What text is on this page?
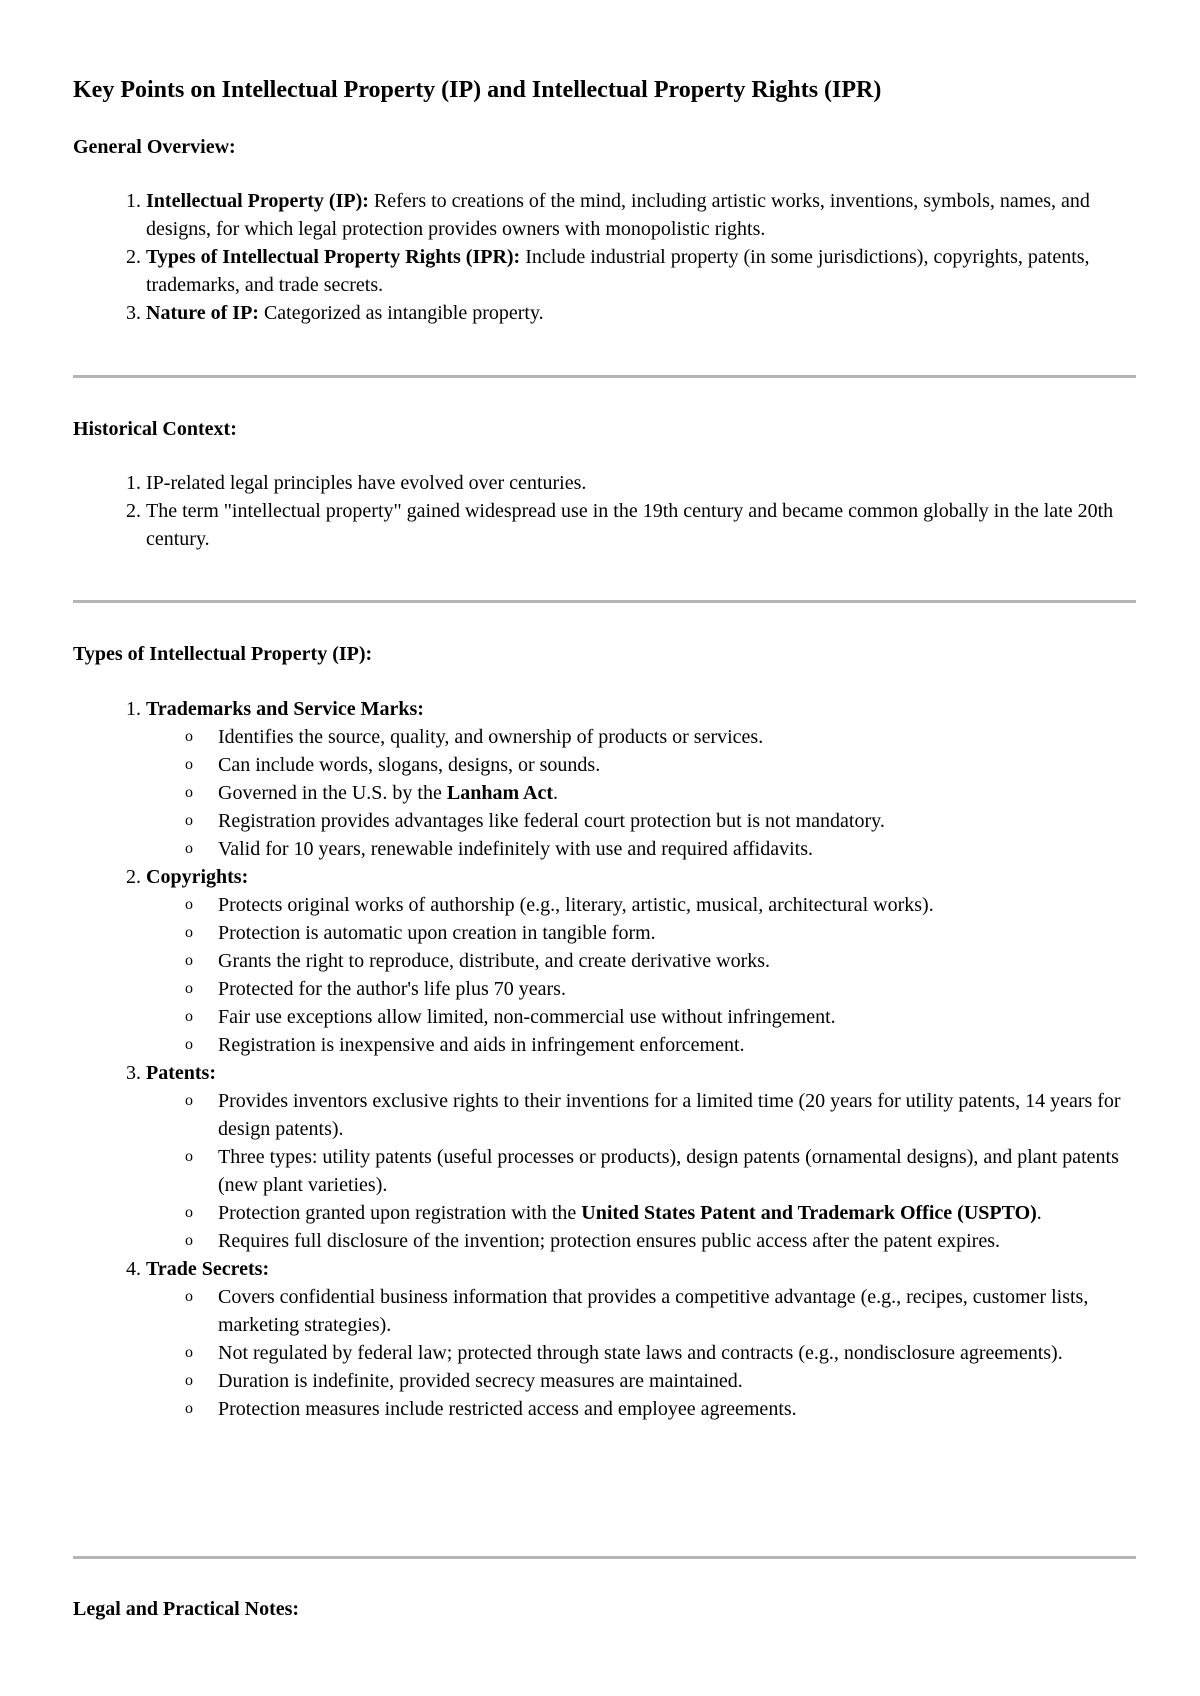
Key Points on Intellectual Property (IP) and Intellectual Property Rights (IPR)
General Overview:
1. Intellectual Property (IP): Refers to creations of the mind, including artistic works, inventions, symbols, names, and designs, for which legal protection provides owners with monopolistic rights.
2. Types of Intellectual Property Rights (IPR): Include industrial property (in some jurisdictions), copyrights, patents, trademarks, and trade secrets.
3. Nature of IP: Categorized as intangible property.
Historical Context:
1. IP-related legal principles have evolved over centuries.
2. The term "intellectual property" gained widespread use in the 19th century and became common globally in the late 20th century.
Types of Intellectual Property (IP):
1. Trademarks and Service Marks:
o Identifies the source, quality, and ownership of products or services.
o Can include words, slogans, designs, or sounds.
o Governed in the U.S. by the Lanham Act.
o Registration provides advantages like federal court protection but is not mandatory.
o Valid for 10 years, renewable indefinitely with use and required affidavits.
2. Copyrights:
o Protects original works of authorship (e.g., literary, artistic, musical, architectural works).
o Protection is automatic upon creation in tangible form.
o Grants the right to reproduce, distribute, and create derivative works.
o Protected for the author's life plus 70 years.
o Fair use exceptions allow limited, non-commercial use without infringement.
o Registration is inexpensive and aids in infringement enforcement.
3. Patents:
o Provides inventors exclusive rights to their inventions for a limited time (20 years for utility patents, 14 years for design patents).
o Three types: utility patents (useful processes or products), design patents (ornamental designs), and plant patents (new plant varieties).
o Protection granted upon registration with the United States Patent and Trademark Office (USPTO).
o Requires full disclosure of the invention; protection ensures public access after the patent expires.
4. Trade Secrets:
o Covers confidential business information that provides a competitive advantage (e.g., recipes, customer lists, marketing strategies).
o Not regulated by federal law; protected through state laws and contracts (e.g., nondisclosure agreements).
o Duration is indefinite, provided secrecy measures are maintained.
o Protection measures include restricted access and employee agreements.
Legal and Practical Notes:
